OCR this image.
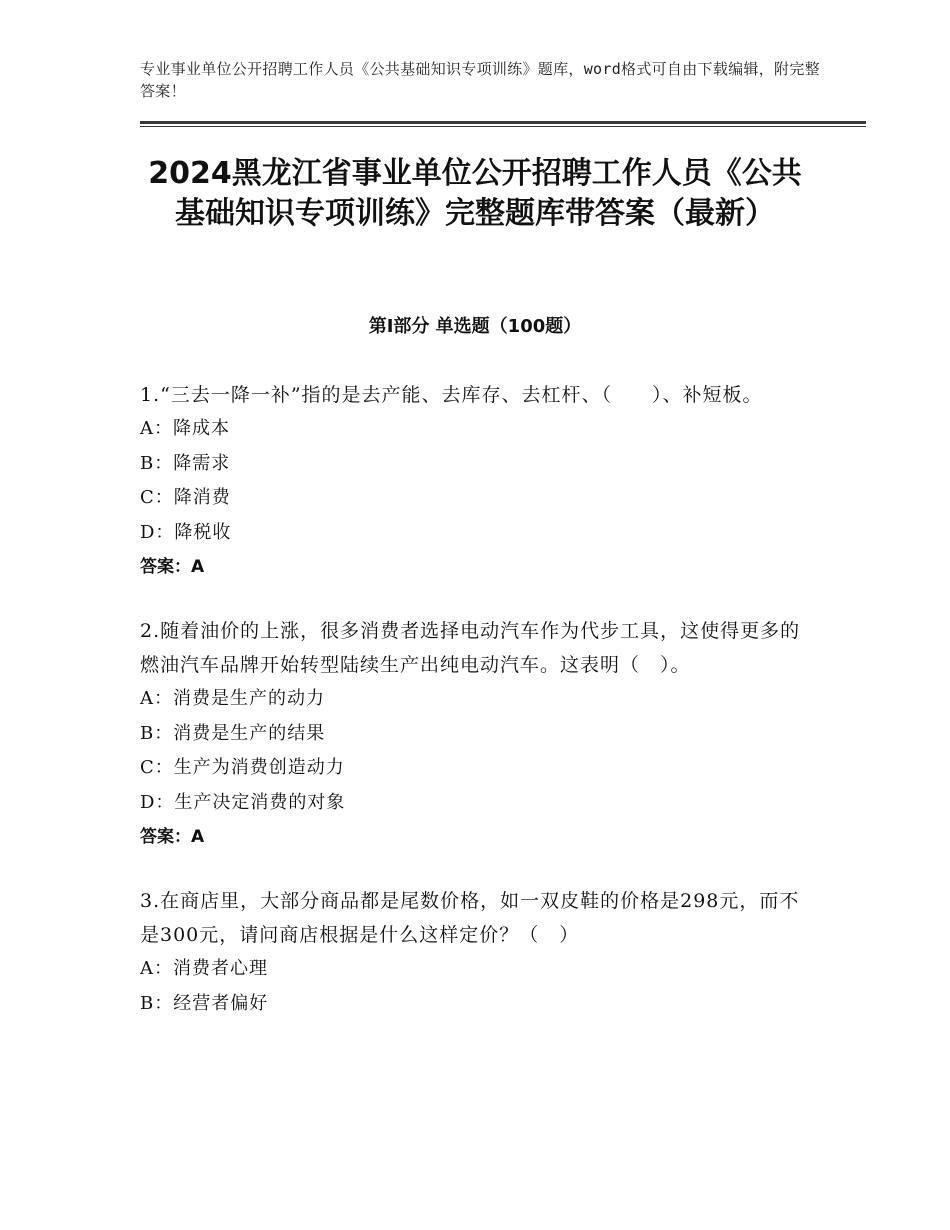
专业事业单位公开招聘工作人员《公共基础知识专项训练》题库，word格式可自由下载编辑，附完整答案！
2024黑龙江省事业单位公开招聘工作人员《公共基础知识专项训练》完整题库带答案（最新）
第Ⅰ部分 单选题（100题）
1.“三去一降一补”指的是去产能、去库存、去杠杆、（　　）、补短板。
A：降成本
B：降需求
C：降消费
D：降税收
答案：A
2.随着油价的上涨，很多消费者选择电动汽车作为代步工具，这使得更多的燃油汽车品牌开始转型陆续生产出纯电动汽车。这表明（　）。
A：消费是生产的动力
B：消费是生产的结果
C：生产为消费创造动力
D：生产决定消费的对象
答案：A
3.在商店里，大部分商品都是尾数价格，如一双皮鞋的价格是298元，而不是300元，请问商店根据是什么这样定价？（　）
A：消费者心理
B：经营者偏好
